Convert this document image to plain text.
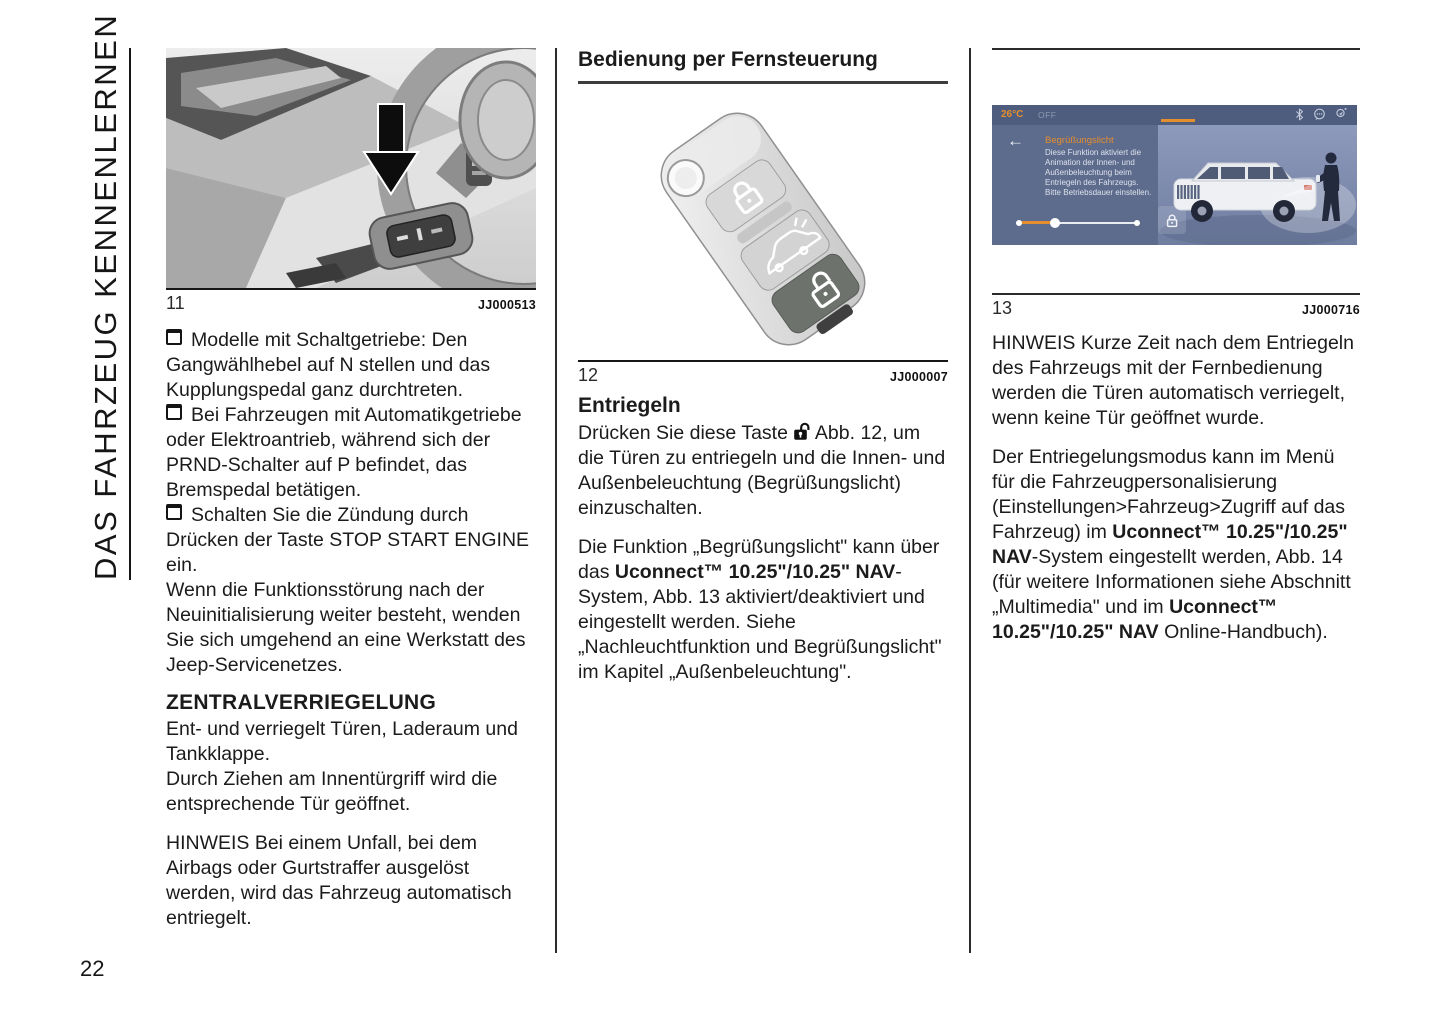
DAS FAHRZEUG KENNENLERNEN
22
11	JJ000513

Modelle mit Schaltgetriebe: Den Gangwählhebel auf N stellen und das Kupplungspedal ganz durchtreten.

Bei Fahrzeugen mit Automatikgetriebe oder Elektroantrieb, während sich der PRND-Schalter auf P befindet, das Bremspedal betätigen.

Schalten Sie die Zündung durch Drücken der Taste STOP START ENGINE ein.

Wenn die Funktionsstörung nach der Neuinitialisierung weiter besteht, wenden Sie sich umgehend an eine Werkstatt des Jeep-Servicenetzes.

ZENTRALVERRIEGELUNG

Ent- und verriegelt Türen, Laderaum und Tankklappe.

Durch Ziehen am Innentürgriff wird die entsprechende Tür geöffnet.

HINWEIS Bei einem Unfall, bei dem Airbags oder Gurtstraffer ausgelöst werden, wird das Fahrzeug automatisch entriegelt.

Bedienung per Fernsteuerung
12	JJ000007
Entriegeln

Drücken Sie diese Taste Abb. 12, um die Türen zu entriegeln und die Innen- und Außenbeleuchtung (Begrüßungslicht) einzuschalten.

Die Funktion „Begrüßungslicht" kann über das Uconnect™ 10.25"/10.25" NAV-System, Abb. 13 aktiviert/deaktiviert und eingestellt werden. Siehe „Nachleuchtfunktion und Begrüßungslicht" im Kapitel „Außenbeleuchtung".

26°C OFF
← Begrüßungslicht
Diese Funktion aktiviert die Animation der Innen- und Außenbeleuchtung beim Entriegeln des Fahrzeugs. Bitte Betriebsdauer einstellen.
13	JJ000716

HINWEIS Kurze Zeit nach dem Entriegeln des Fahrzeugs mit der Fernbedienung werden die Türen automatisch verriegelt, wenn keine Tür geöffnet wurde.

Der Entriegelungsmodus kann im Menü für die Fahrzeugpersonalisierung (Einstellungen>Fahrzeug>Zugriff auf das Fahrzeug) im Uconnect™ 10.25"/10.25" NAV-System eingestellt werden, Abb. 14 (für weitere Informationen siehe Abschnitt „Multimedia" und im Uconnect™ 10.25"/10.25" NAV Online-Handbuch).
